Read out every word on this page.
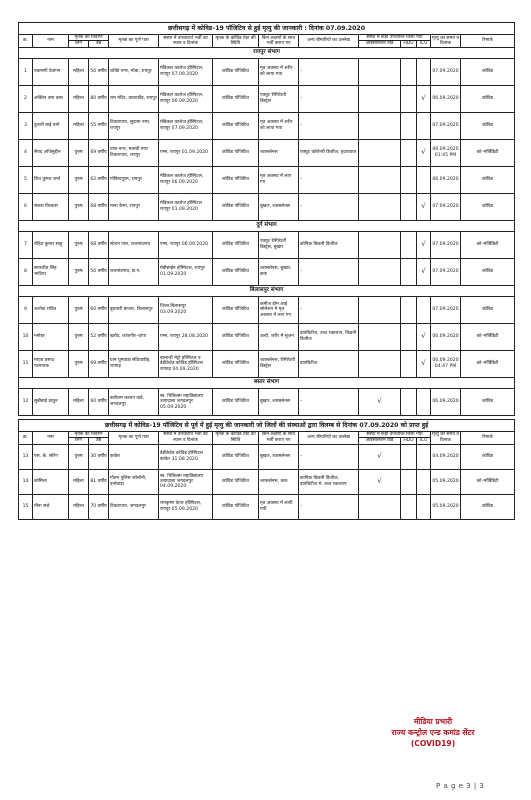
छत्तीसगढ़ में कोविड–19 पॉजिटिव से हुई मृत्यु की जानकारी : दिनांक 07.09.2020													
क्र.	नाम	मृतक का विवरण		मृतक का पूर्ण पता	संस्था में उपचारार्थ भर्ती का स्थान व दिनांक	मृतक के कोविड टेस्ट की स्थिति	किन लक्षणों के साथ भर्ती कराए गए	अन्य बीमारियों का उल्लेख	संस्था में कहां उपचारित किया गया			मृत्यु का समय व दिनांक	रिमार्क
		लिंग	उम्र						आईसोलेशन वार्ड	HDU	ICU		
रायपुर संभाग													
1	रुकमणी देवांगन	महिला	56 वर्षीय	शक्ति नगर, मोवा, रायपुर	मेडिकल कालेज हॉस्पिटल, रायपुर 07.09.2020	कोविड पॉजिटिव	मृत अवस्था में शरीर को लाया गया	–				07.09.2020	कोविड
2	अक्तिन उमा वत्स	महिला	80 वर्षीय	राम मंदिर, काशाडीह, रायपुर	मेडिकल कालेज हॉस्पिटल, रायपुर 06.09.2020	कोविड पॉजिटिव	एक्यूट रेस्पिरेटरी डिस्ट्रेस	–			√	06.09.2020	कोविड
3	दुलारी बाई वर्मा	महिला	55 वर्षीय	टिकरापारा, सुदामा नगर, रायपुर	मेडिकल कालेज हॉस्पिटल, रायपुर 07.09.2020	कोविड पॉजिटिव	मृत अवस्था में शरीर को लाया गया	–				07.09.2020	कोविड
4	सैयद अजिमुद्दीन	पुरुष	69 वर्षीय	ताज नगर, मालवी नगर टिकरापारा, रायपुर	एम्स, रायपुर 01.09.2020	कोविड पॉजिटिव	श्वासलेनस	एक्यूट कोरोनरी डिजीज, हृदयाघात			√	06.09.2020 01:45 PM	को–मॉर्बिडिटी
5	शिव कुमार शर्मा	पुरुष	62 वर्षीय	गोबिन्दपुरम, रायपुर	मेडिकल कालेज हॉस्पिटल, रायपुर 06.09.2020	कोविड पॉजिटिव	मृत अवस्था में लाए गए	–				06.09.2020	कोविड
6	संकरा विश्वास	पुरुष	68 वर्षीय	माना कैम्प, रायपुर	मेडिकल कालेज हॉस्पिटल रायपुर 01.09.2020	कोविड पॉजिटिव	बुखार, श्वासलेनस	–			√	07.09.2020	कोविड
दुर्ग संभाग													
7	रोहित कुमार साहू	पुरुष	68 वर्षीय	स्टेशन पारा, राजनांदगांव	एम्स, रायपुर 06.09.2020	कोविड पॉजिटिव	एक्यूट रेस्पिरेटरी डिस्ट्रेस, बुखार	क्रोनिक किडनी डिजीज			√	07.09.2020	को–मॉर्बिडिटी
8	सत्यजीत सिंह भाटिया	पुरुष	56 वर्षीय	राजनांदगांव, छ.ग.	मेडीसाईन हॉस्पिटल, रायपुर 01.09.2020	कोविड पॉजिटिव	श्वासलेनस, बुखार, कफ	–			√	07.09.2020	कोविड
बिलासपुर संभाग													
9	अशोक रावित	पुरुष	60 वर्षीय	बुधवारी बाजार, बिलासपुर	जिला बिलासपुर 03.09.2020	कोविड पॉजिटिव	कमीज होम आई सोलेशन में मृत अवस्था में लाए गए	–				07.09.2020	कोविड
10	मनोहर	पुरुष	52 वर्षीय	खरौद, जांजगीर–चांपा	एम्स, रायपुर 28.08.2020	कोविड पॉजिटिव	उल्टी, शरीर में सूजन	डायबिटीज, उच्च रक्तचाप, किडनी डिजीज			√	06.09.2020	को–मॉर्बिडिटी
11	माधव प्रसाद पटनायक	पुरुष	69 वर्षीय	ग्राम घुमावंडा सेठियाडीह, रायगढ़	बालाजी मेट्रो हॉस्पिटल व डेडीकेटेड कोविड हॉस्पिटल रायगढ़ 04.09.2020	कोविड पॉजिटिव	श्वासलेनस, रेस्पिरेटरी डिस्ट्रेस	डायबिटीज			√	06.09.2020 04:47 PM	को–मॉर्बिडिटी
बस्तर संभाग													
12	सुन्नीबाई ठाकुर	महिला	60 वर्षीय	बलीराम कश्यप वार्ड, जगदलपुर	स्व. चिकित्सा महाविद्यालय उत्पादाला जगदलपुर 05.09.2020	कोविड पॉजिटिव	बुखार, श्वासलेनस	–	√			06.09.2020	कोविड
छत्तीसगढ़ में कोविड–19 पॉजिटिव से पूर्व में हुई मृत्यु की जानकारी जो जिलों की संस्थाओं द्वारा विलम्ब से दिनांक 07.09.2020 को प्राप्त हुई													
क्र.	नाम	मृतक का विवरण		मृतक का पूर्ण पता	संस्था में उपचारार्थ भर्ती का स्थान व दिनांक	मृतक के कोविड टेस्ट की स्थिति	किन लक्षणों के साथ भर्ती कराए गए	अन्य बीमारियों का उल्लेख	संस्था में कहां उपचारित किया गया			मृत्यु का समय व दिनांक	रिमार्क
		लिंग	उम्र						आईसोलेशन वार्ड	HDU	ICU		
13	एस. के. सोरेंग	पुरुष	30 वर्षीय	कांकेर	डेडीकेटेड कोविड हॉस्पिटल कांकेर 31.08.2020	कोविड पॉजिटिव	बुखार, श्वासलेनस	–	√			04.09.2020	कोविड
14	कोमिला	महिला	81 वर्षीय	गौतम पुलिस कॉलोनी, दन्तेवाड़ा	स्व. चिकित्सा महाविद्यालय उत्पादाला जगदलपुर 04.09.2020	कोविड पॉजिटिव	श्वासलेनस, कफ	क्रानिक किडनी डिजीज, डायबिटीज मे. उच्च रक्तचाप	√			05.09.2020	को–मॉर्बिडिटी
15	मीना सत्ते	महिला	70 वर्षीय	टिकरापारा, जगदलपुर	रामकृष्ण केयर हॉस्पिटल, रायपुर 05.09.2020	कोविड पॉजिटिव	मृत अवस्था में लायी गयी	–				05.09.2020	कोविड
मीडिया प्रभारी
राज्य कन्ट्रोल एन्ड कमांड सेंटर
(COVID19)
P a g e 3 | 3
